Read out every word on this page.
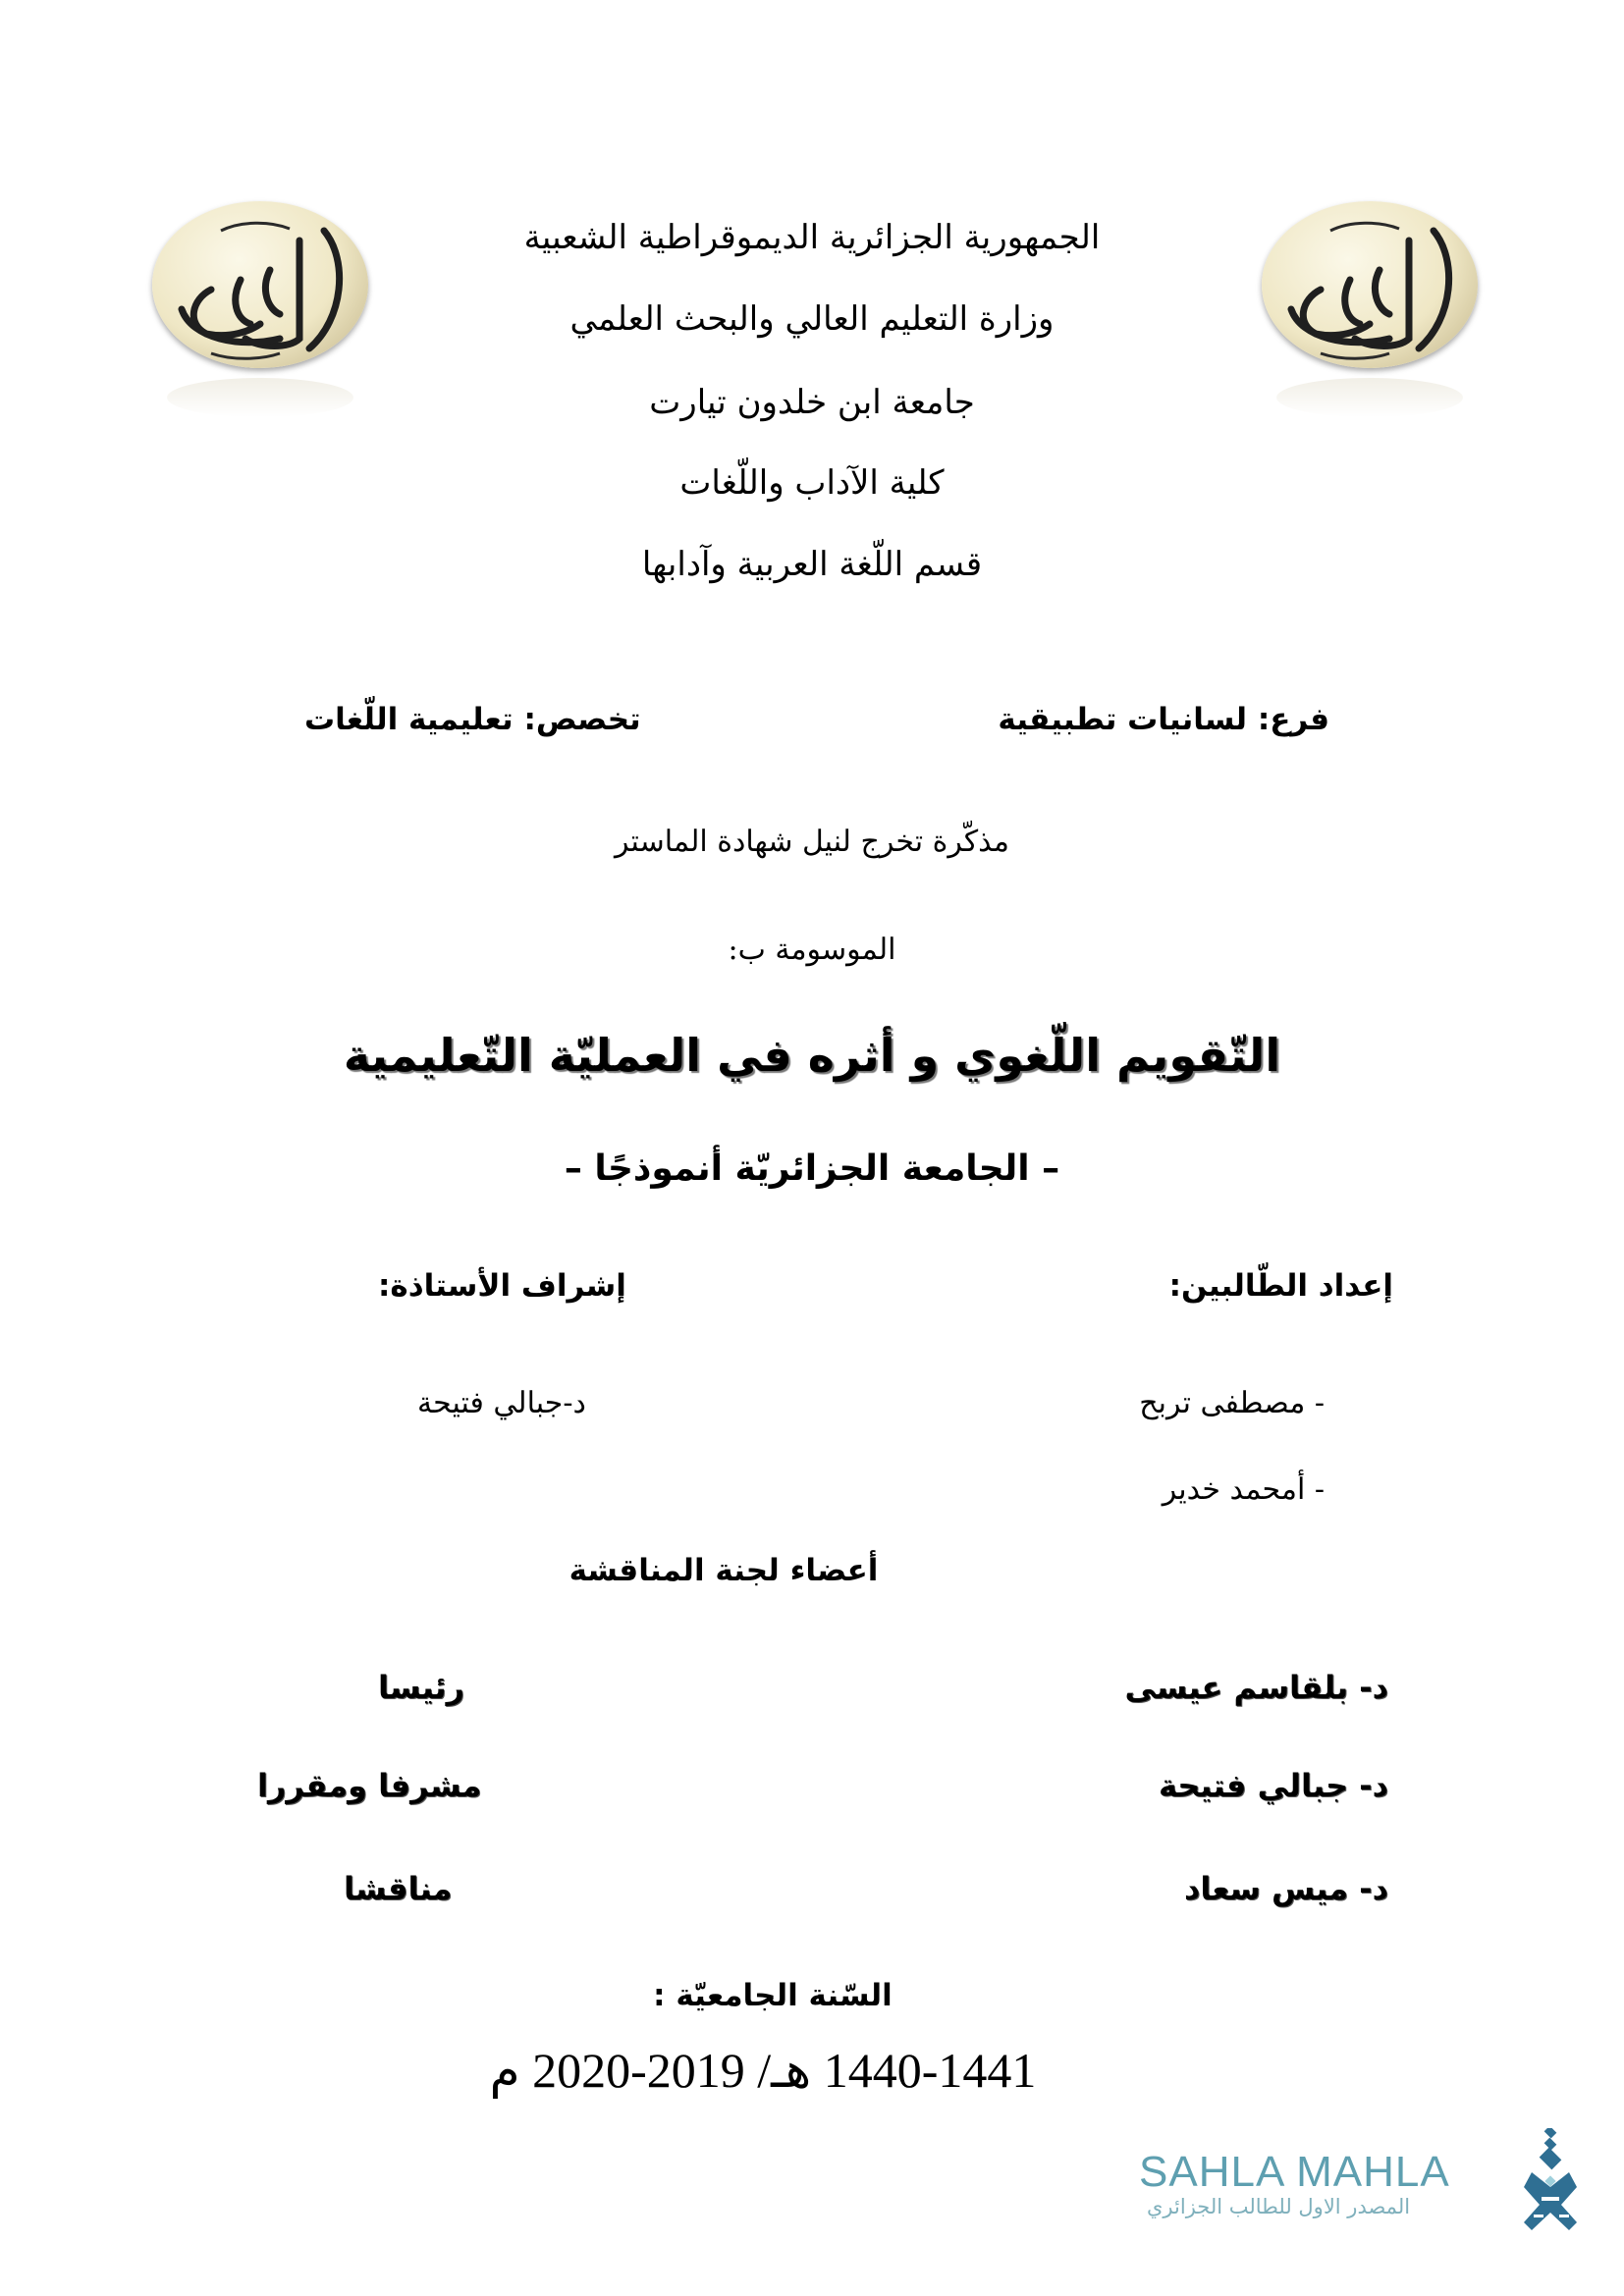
الجمهورية الجزائرية الديموقراطية الشعبية
وزارة التعليم العالي والبحث العلمي
جامعة ابن خلدون تيارت
كلية الآداب واللّغات
قسم اللّغة العربية وآدابها
فرع: لسانيات تطبيقية
تخصص: تعليمية اللّغات
مذكّرة تخرج لنيل شهادة الماستر
الموسومة ب:
التّقويم اللّغوي و أثره في العمليّة التّعليمية
– الجامعة الجزائريّة أنموذجًا –
إعداد الطّالبين:
إشراف الأستاذة:
- مصطفى تربح
- أمحمد خدير
د-جبالي فتيحة
أعضاء لجنة المناقشة
د- بلقاسم عيسى
رئيسا
د- جبالي فتيحة
مشرفا ومقررا
د- ميس سعاد
مناقشا
السّنة الجامعيّة :
1440-1441 هـ/ 2019-2020 م
SAHLA MAHLA
المصدر الاول للطالب الجزائري
